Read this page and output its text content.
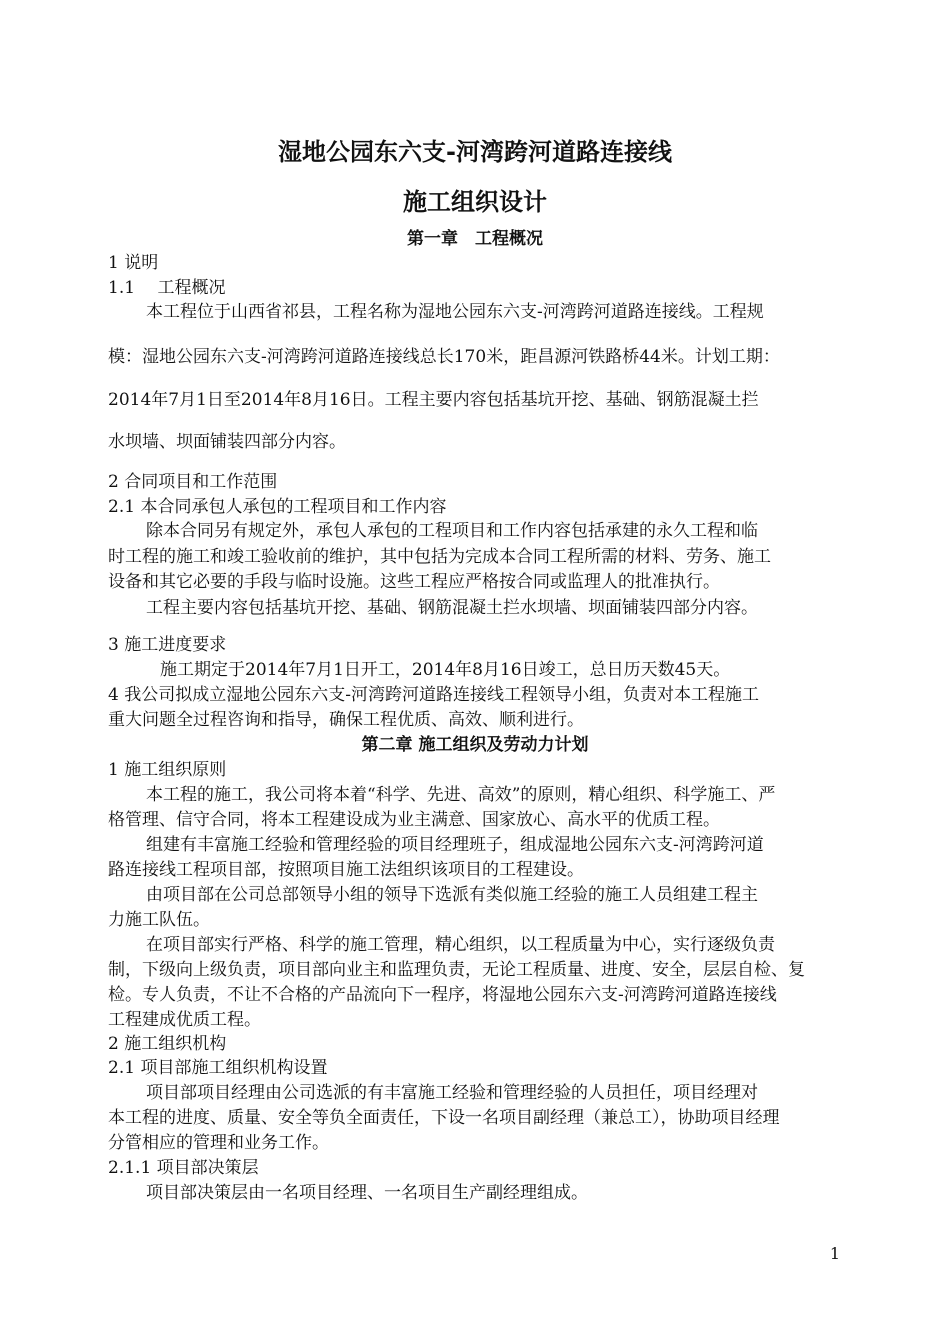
湿地公园东六支-河湾跨河道路连接线
施工组织设计
第一章　工程概况
1 说明
1.1　 工程概况
本工程位于山西省祁县，工程名称为湿地公园东六支-河湾跨河道路连接线。工程规
模：湿地公园东六支-河湾跨河道路连接线总长170米，距昌源河铁路桥44米。计划工期：
2014年7月1日至2014年8月16日。工程主要内容包括基坑开挖、基础、钢筋混凝土拦
水坝墙、坝面铺装四部分内容。
2 合同项目和工作范围
2.1 本合同承包人承包的工程项目和工作内容
除本合同另有规定外，承包人承包的工程项目和工作内容包括承建的永久工程和临
时工程的施工和竣工验收前的维护，其中包括为完成本合同工程所需的材料、劳务、施工
设备和其它必要的手段与临时设施。这些工程应严格按合同或监理人的批准执行。
工程主要内容包括基坑开挖、基础、钢筋混凝土拦水坝墙、坝面铺装四部分内容。
3 施工进度要求
施工期定于2014年7月1日开工，2014年8月16日竣工，总日历天数45天。
4 我公司拟成立湿地公园东六支-河湾跨河道路连接线工程领导小组，负责对本工程施工
重大问题全过程咨询和指导，确保工程优质、高效、顺利进行。
第二章 施工组织及劳动力计划
1 施工组织原则
本工程的施工，我公司将本着“科学、先进、高效”的原则，精心组织、科学施工、严
格管理、信守合同，将本工程建设成为业主满意、国家放心、高水平的优质工程。
组建有丰富施工经验和管理经验的项目经理班子，组成湿地公园东六支-河湾跨河道
路连接线工程项目部，按照项目施工法组织该项目的工程建设。
由项目部在公司总部领导小组的领导下选派有类似施工经验的施工人员组建工程主
力施工队伍。
在项目部实行严格、科学的施工管理，精心组织，以工程质量为中心，实行逐级负责
制，下级向上级负责，项目部向业主和监理负责，无论工程质量、进度、安全，层层自检、复
检。专人负责，不让不合格的产品流向下一程序，将湿地公园东六支-河湾跨河道路连接线
工程建成优质工程。
2 施工组织机构
2.1 项目部施工组织机构设置
项目部项目经理由公司选派的有丰富施工经验和管理经验的人员担任，项目经理对
本工程的进度、质量、安全等负全面责任，下设一名项目副经理（兼总工），协助项目经理
分管相应的管理和业务工作。
2.1.1 项目部决策层
项目部决策层由一名项目经理、一名项目生产副经理组成。
1
